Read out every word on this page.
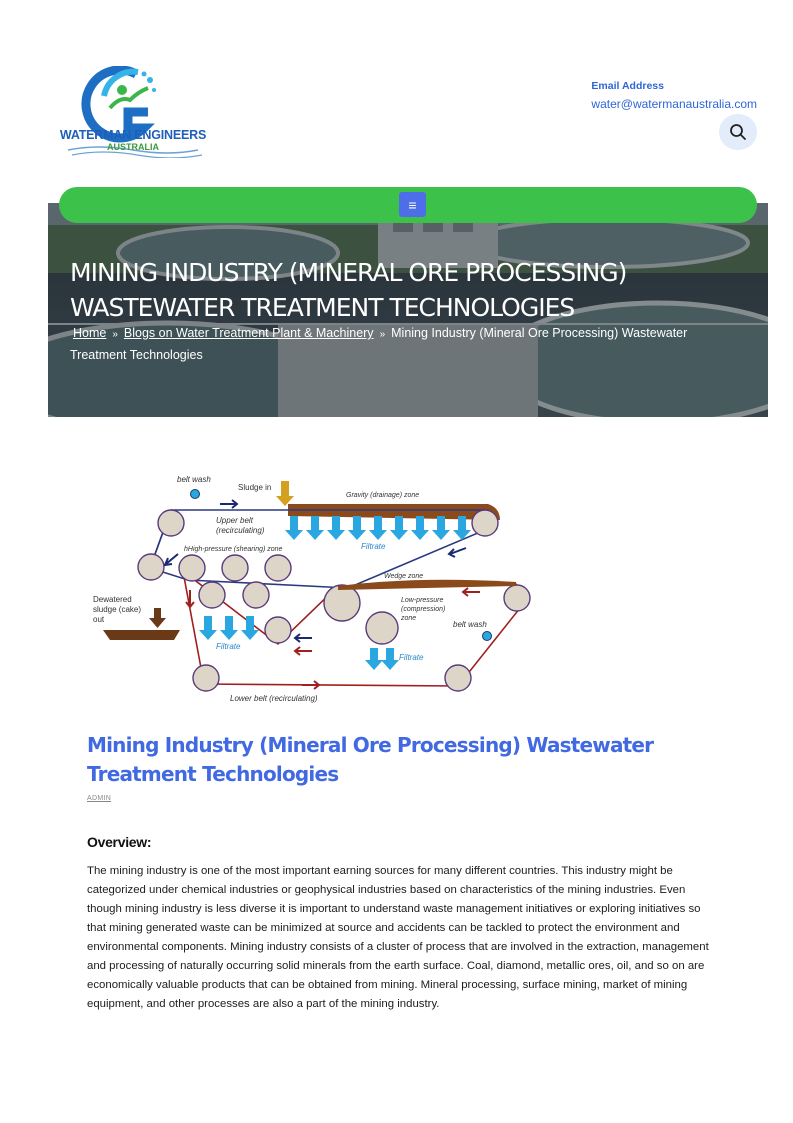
WATERMAN ENGINEERS
AUSTRALIA
Email Address
water@watermanaustralia.com
≡
MINING INDUSTRY (MINERAL ORE PROCESSING) WASTEWATER TREATMENT TECHNOLOGIES
Home » Blogs on Water Treatment Plant & Machinery » Mining Industry (Mineral Ore Processing) Wastewater Treatment Technologies
belt wash
Sludge in
Gravity (drainage) zone
Upper belt
(recirculating)
Filtrate
hHigh-pressure (shearing) zone
Wedge zone
Dewatered
sludge (cake)
out
Low-pressure
(compression)
zone
belt wash
Filtrate
Filtrate
Lower belt (recirculating)
Mining Industry (Mineral Ore Processing) Wastewater Treatment Technologies
ADMIN
Overview:

The mining industry is one of the most important earning sources for many different countries. This industry might be categorized under chemical industries or geophysical industries based on characteristics of the mining industries. Even though mining industry is less diverse it is important to understand waste management initiatives or exploring initiatives so that mining generated waste can be minimized at source and accidents can be tackled to protect the environment and environmental components. Mining industry consists of a cluster of process that are involved in the extraction, management and processing of naturally occurring solid minerals from the earth surface. Coal, diamond, metallic ores, oil, and so on are economically valuable products that can be obtained from mining. Mineral processing, surface mining, market of mining equipment, and other processes are also a part of the mining industry.
